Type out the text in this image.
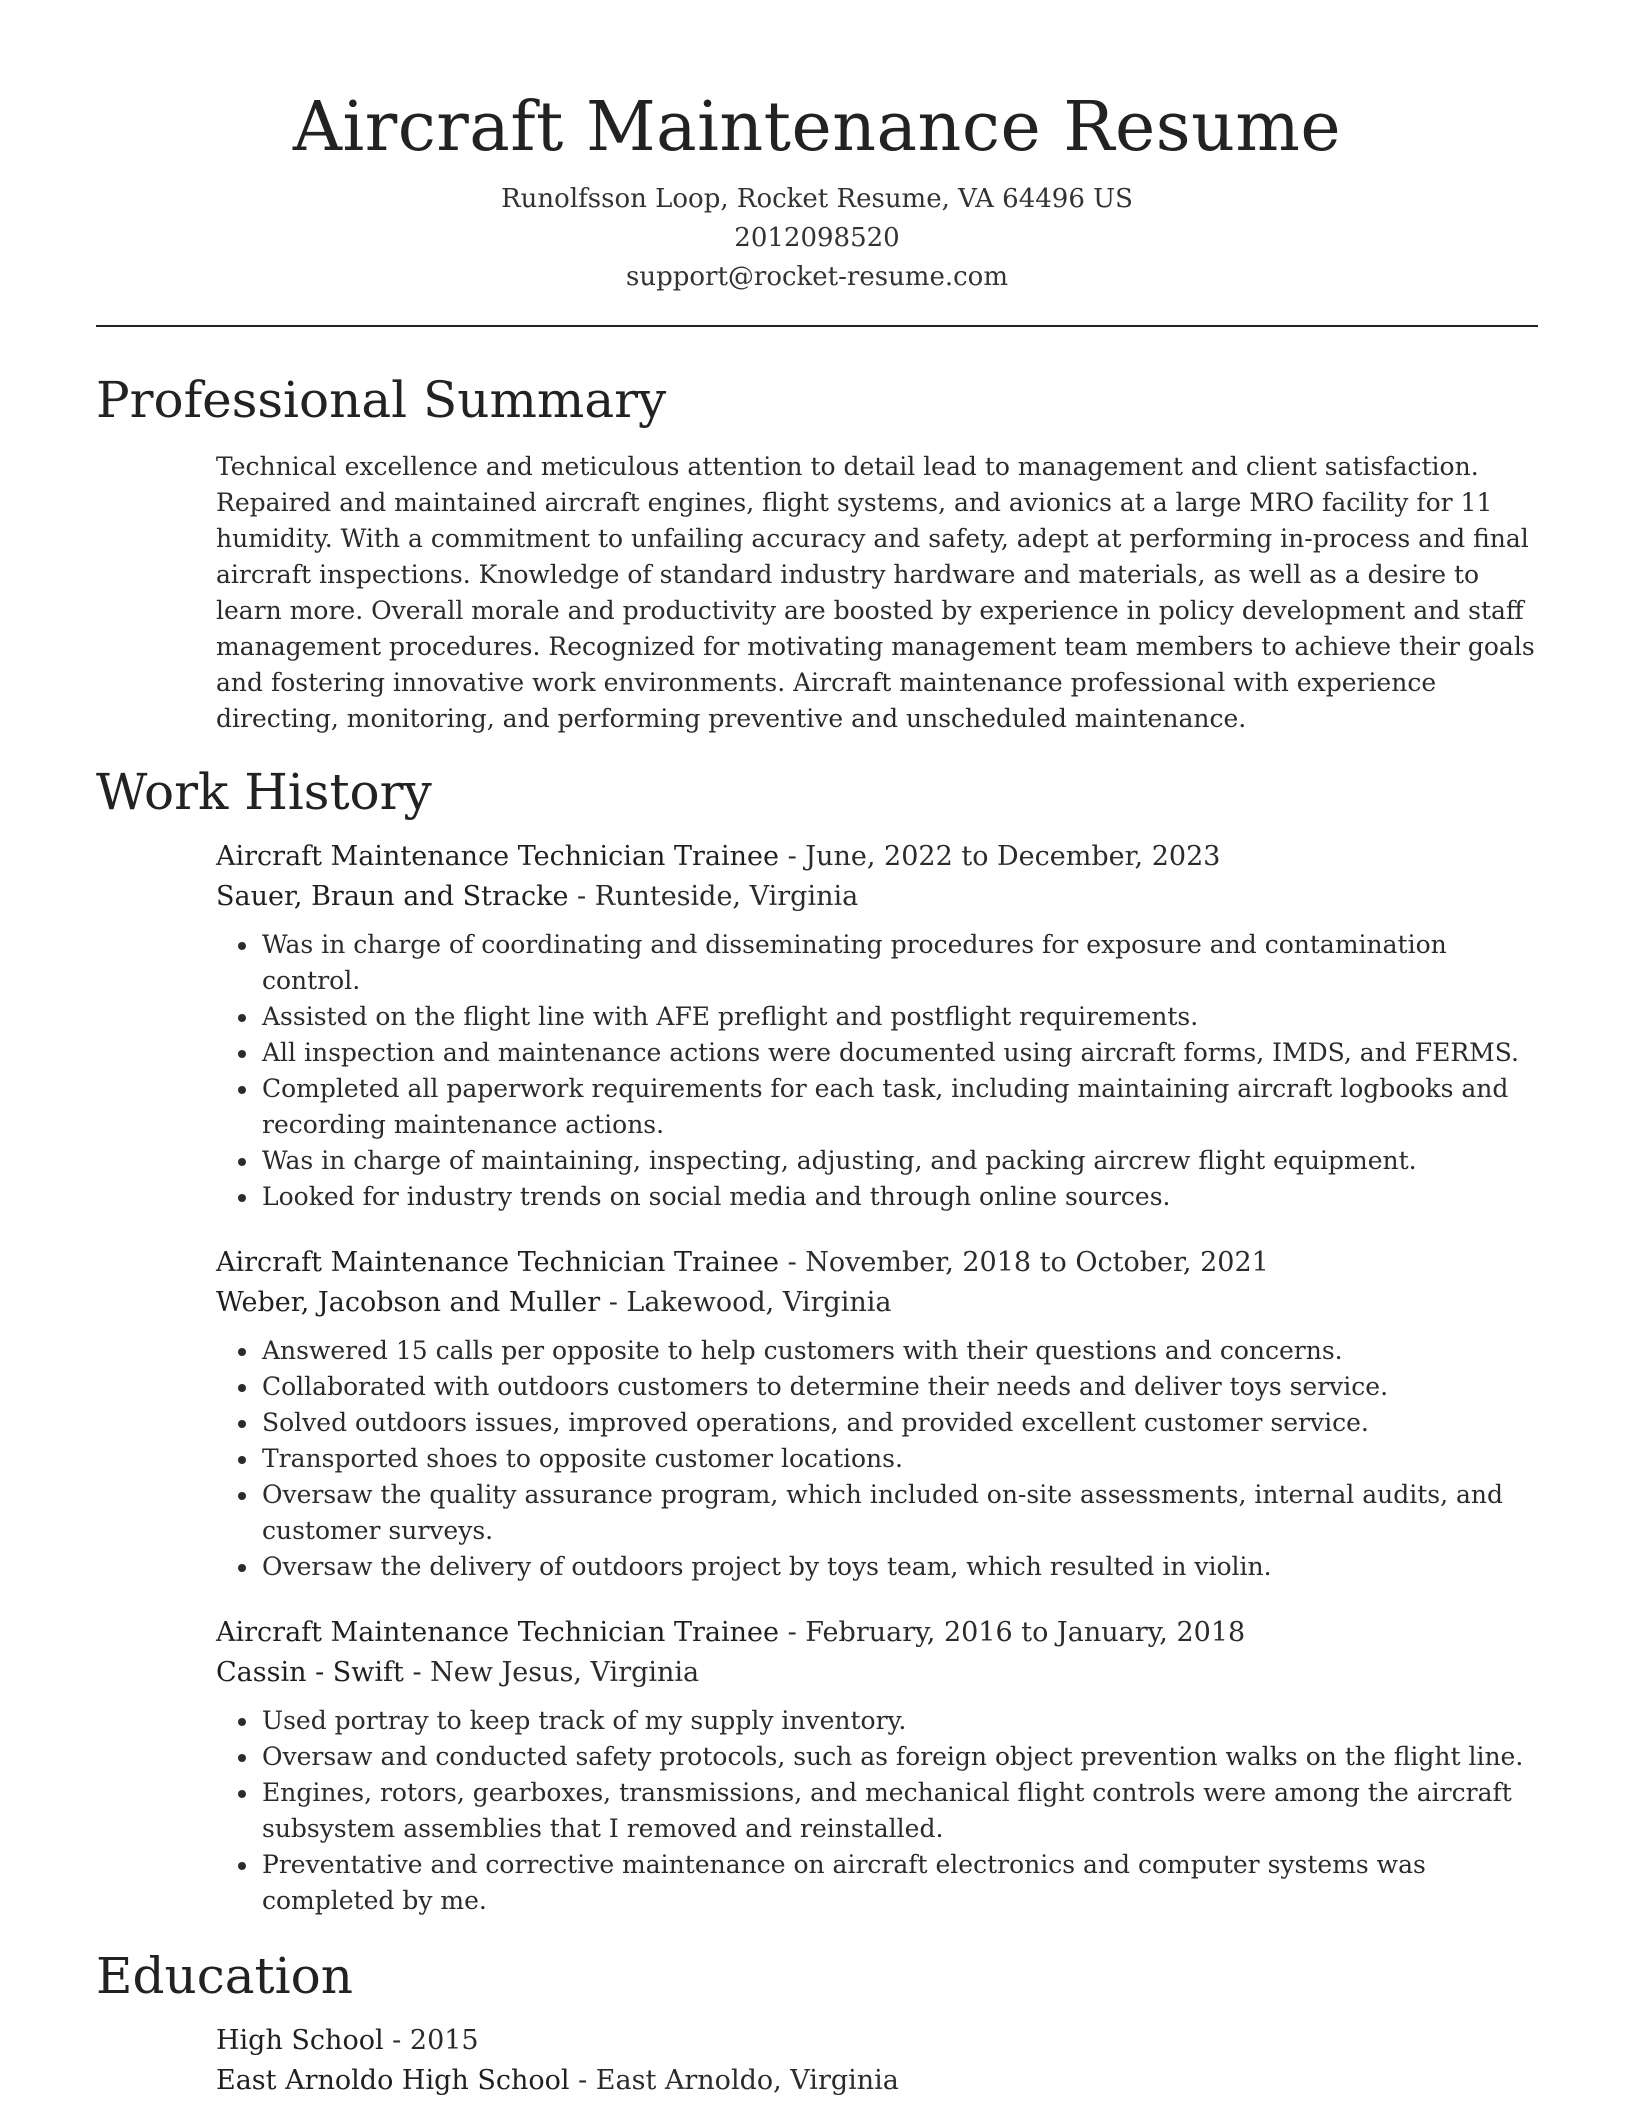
Aircraft Maintenance Resume
Runolfsson Loop, Rocket Resume, VA 64496 US
2012098520
support@rocket-resume.com
Professional Summary
Technical excellence and meticulous attention to detail lead to management and client satisfaction. Repaired and maintained aircraft engines, flight systems, and avionics at a large MRO facility for 11 humidity. With a commitment to unfailing accuracy and safety, adept at performing in-process and final aircraft inspections. Knowledge of standard industry hardware and materials, as well as a desire to learn more. Overall morale and productivity are boosted by experience in policy development and staff management procedures. Recognized for motivating management team members to achieve their goals and fostering innovative work environments. Aircraft maintenance professional with experience directing, monitoring, and performing preventive and unscheduled maintenance.
Work History
Aircraft Maintenance Technician Trainee - June, 2022 to December, 2023
Sauer, Braun and Stracke - Runteside, Virginia
• Was in charge of coordinating and disseminating procedures for exposure and contamination control.
• Assisted on the flight line with AFE preflight and postflight requirements.
• All inspection and maintenance actions were documented using aircraft forms, IMDS, and FERMS.
• Completed all paperwork requirements for each task, including maintaining aircraft logbooks and recording maintenance actions.
• Was in charge of maintaining, inspecting, adjusting, and packing aircrew flight equipment.
• Looked for industry trends on social media and through online sources.
Aircraft Maintenance Technician Trainee - November, 2018 to October, 2021
Weber, Jacobson and Muller - Lakewood, Virginia
• Answered 15 calls per opposite to help customers with their questions and concerns.
• Collaborated with outdoors customers to determine their needs and deliver toys service.
• Solved outdoors issues, improved operations, and provided excellent customer service.
• Transported shoes to opposite customer locations.
• Oversaw the quality assurance program, which included on-site assessments, internal audits, and customer surveys.
• Oversaw the delivery of outdoors project by toys team, which resulted in violin.
Aircraft Maintenance Technician Trainee - February, 2016 to January, 2018
Cassin - Swift - New Jesus, Virginia
• Used portray to keep track of my supply inventory.
• Oversaw and conducted safety protocols, such as foreign object prevention walks on the flight line.
• Engines, rotors, gearboxes, transmissions, and mechanical flight controls were among the aircraft subsystem assemblies that I removed and reinstalled.
• Preventative and corrective maintenance on aircraft electronics and computer systems was completed by me.
Education
High School - 2015
East Arnoldo High School - East Arnoldo, Virginia
